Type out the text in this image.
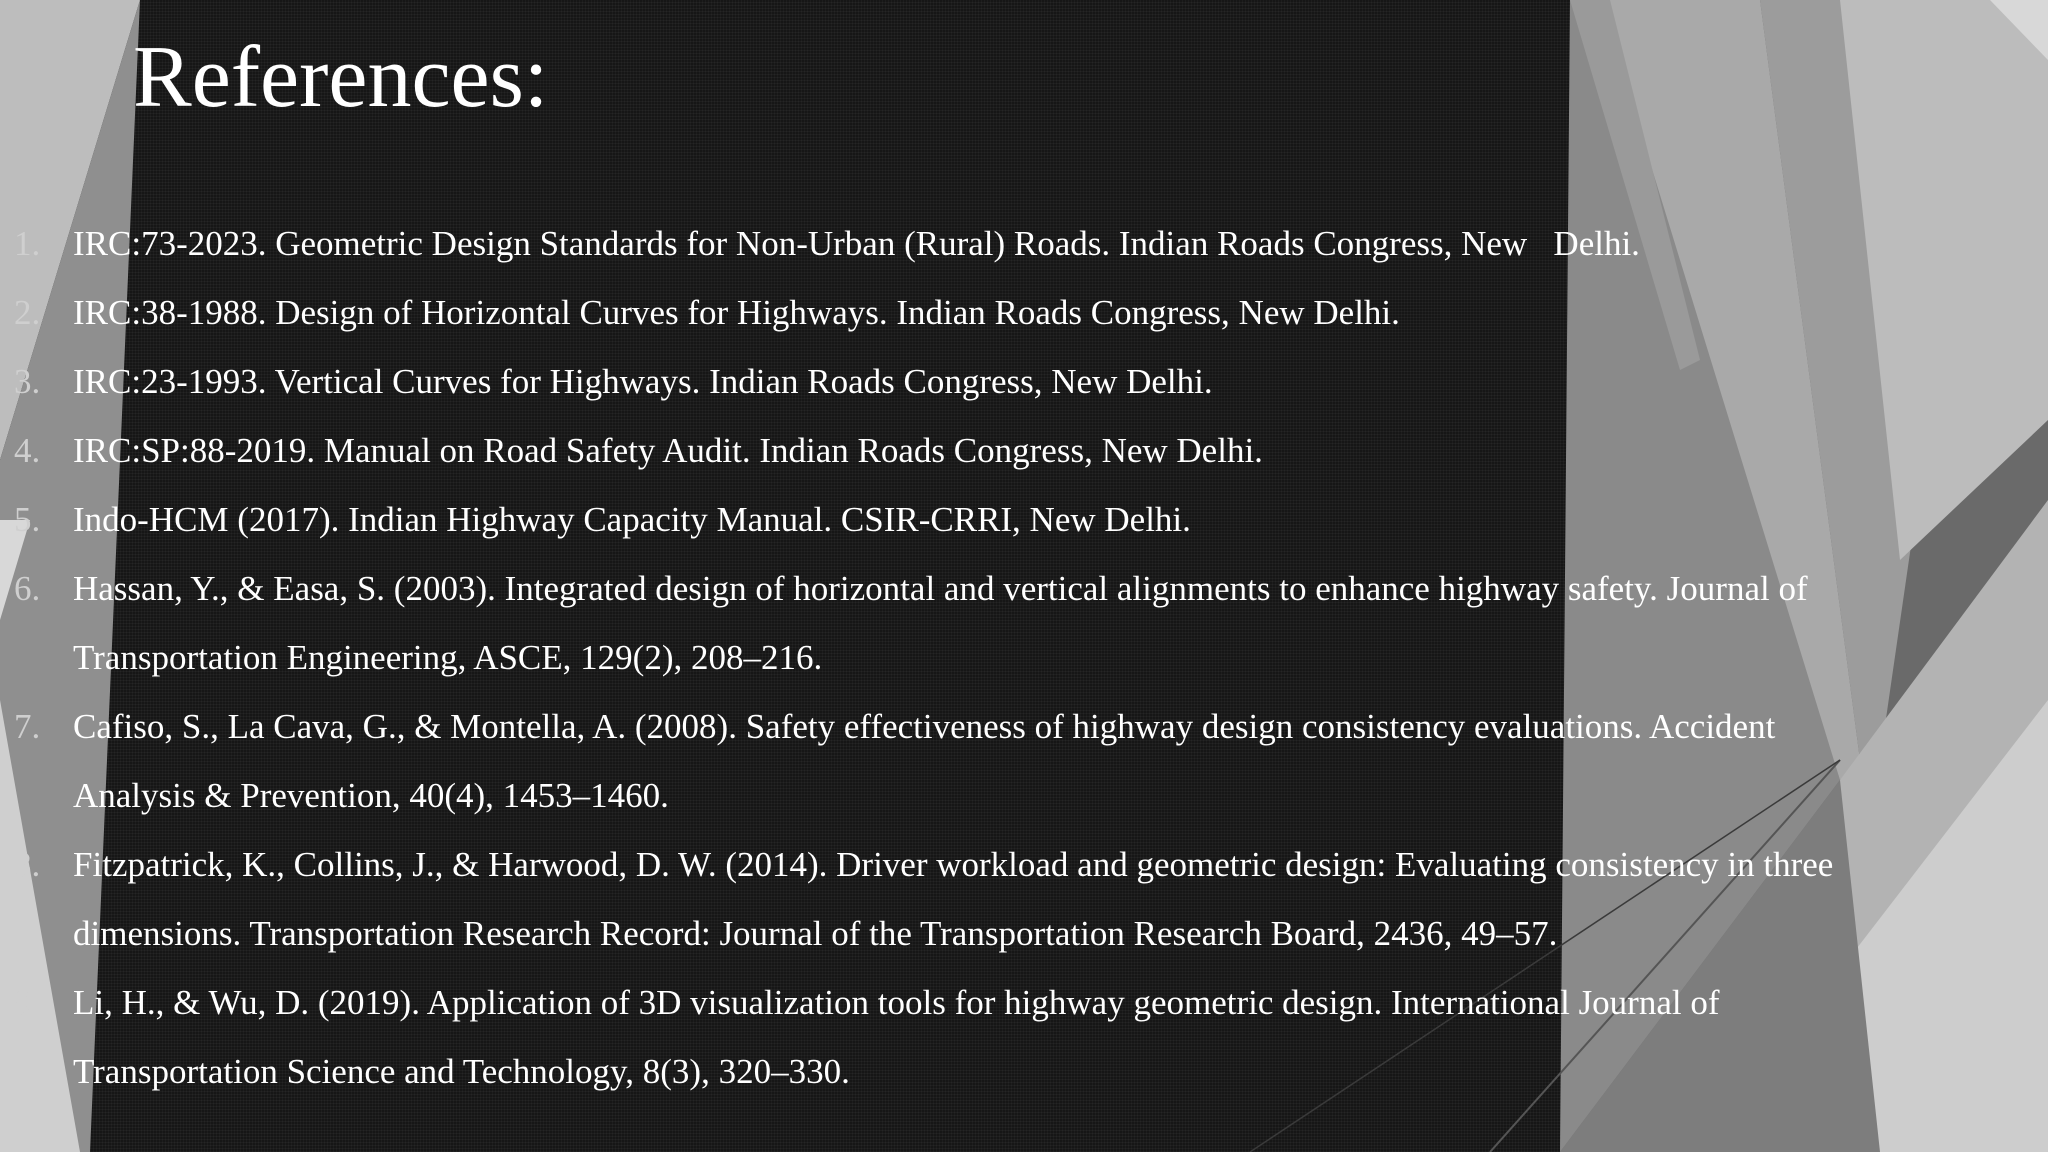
References:
1. IRC:73-2023. Geometric Design Standards for Non-Urban (Rural) Roads. Indian Roads Congress, New   Delhi.
2. IRC:38-1988. Design of Horizontal Curves for Highways. Indian Roads Congress, New Delhi.
3. IRC:23-1993. Vertical Curves for Highways. Indian Roads Congress, New Delhi.
4. IRC:SP:88-2019. Manual on Road Safety Audit. Indian Roads Congress, New Delhi.
5. Indo-HCM (2017). Indian Highway Capacity Manual. CSIR-CRRI, New Delhi.
6. Hassan, Y., & Easa, S. (2003). Integrated design of horizontal and vertical alignments to enhance highway safety. Journal of
Transportation Engineering, ASCE, 129(2), 208–216.
7. Cafiso, S., La Cava, G., & Montella, A. (2008). Safety effectiveness of highway design consistency evaluations. Accident
Analysis & Prevention, 40(4), 1453–1460.
8. Fitzpatrick, K., Collins, J., & Harwood, D. W. (2014). Driver workload and geometric design: Evaluating consistency in three
dimensions. Transportation Research Record: Journal of the Transportation Research Board, 2436, 49–57.
9. Li, H., & Wu, D. (2019). Application of 3D visualization tools for highway geometric design. International Journal of
Transportation Science and Technology, 8(3), 320–330.
